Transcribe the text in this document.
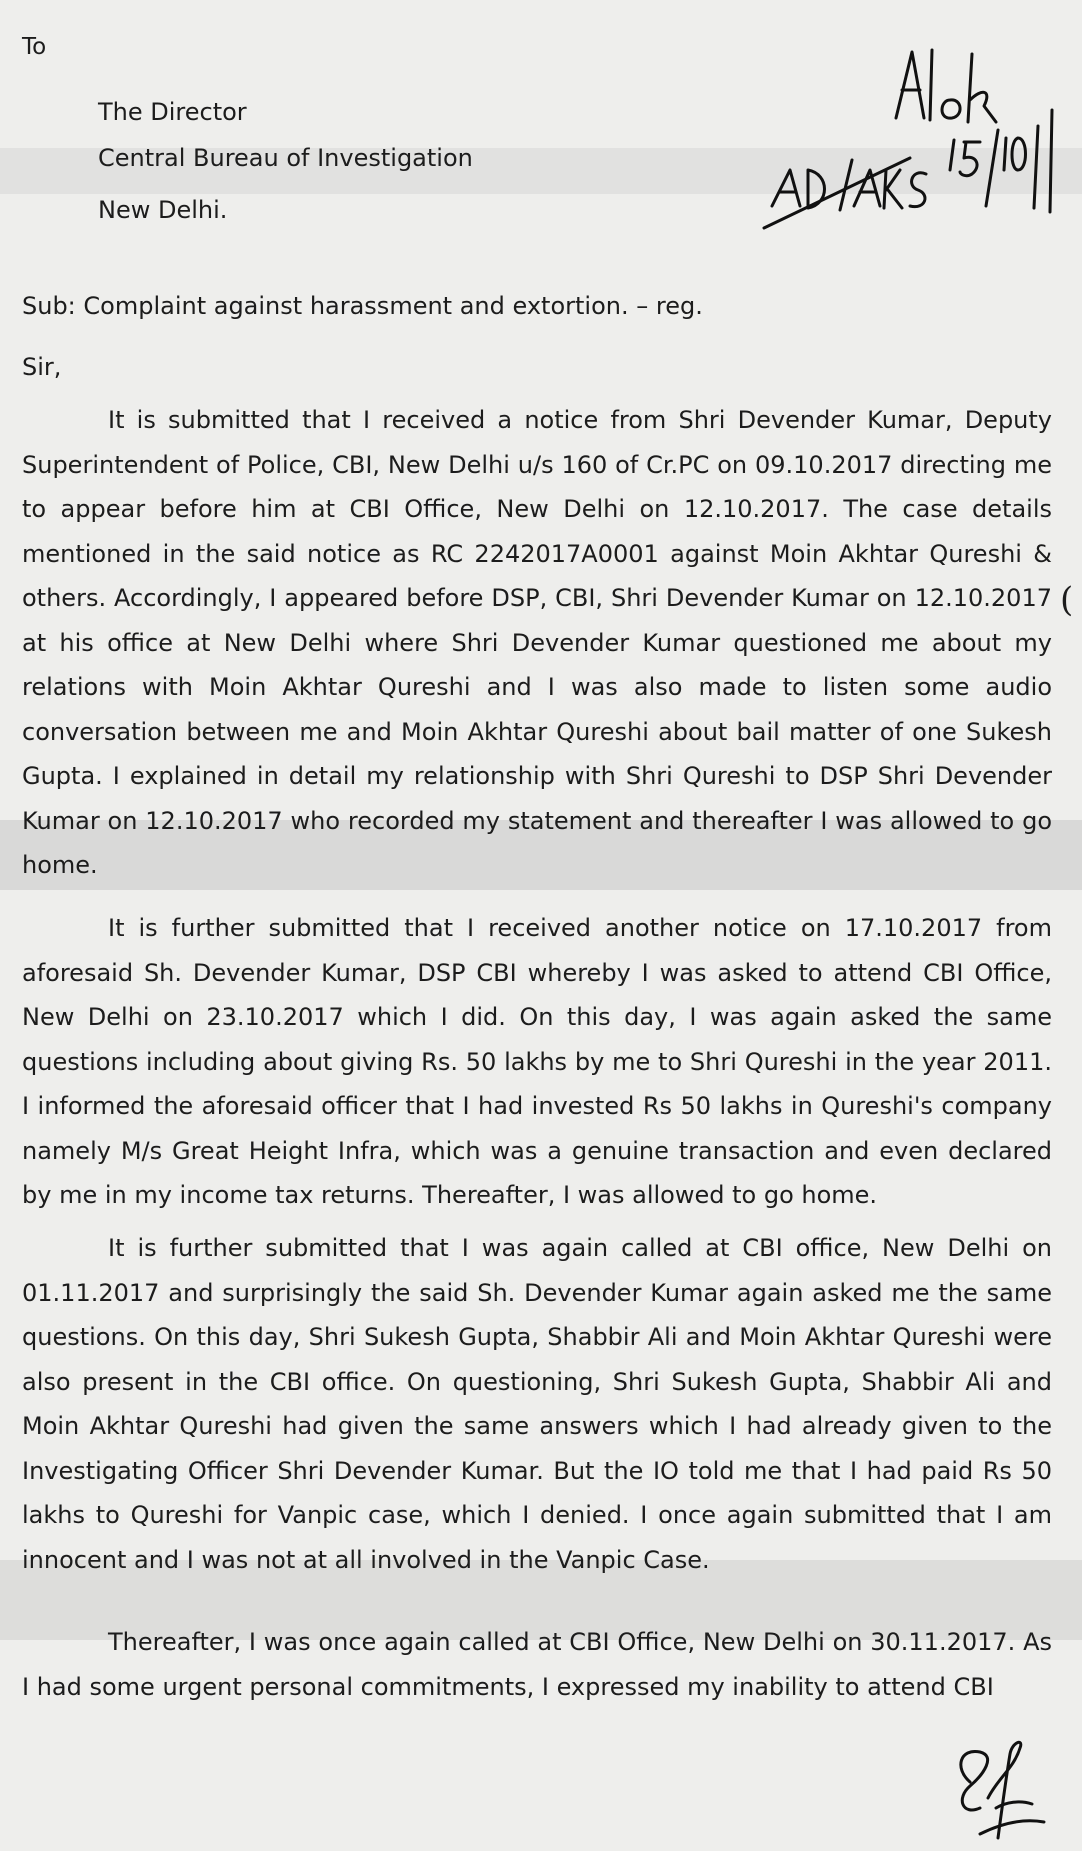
To
The Director
Central Bureau of Investigation
New Delhi.
Sub: Complaint against harassment and extortion. – reg.
Sir,

It is submitted that I received a notice from Shri Devender Kumar, Deputy Superintendent of Police, CBI, New Delhi u/s 160 of Cr.PC on 09.10.2017 directing me to appear before him at CBI Office, New Delhi on 12.10.2017. The case details mentioned in the said notice as RC 2242017A0001 against Moin Akhtar Qureshi & others. Accordingly, I appeared before DSP, CBI, Shri Devender Kumar on 12.10.2017 at his office at New Delhi where Shri Devender Kumar questioned me about my relations with Moin Akhtar Qureshi and I was also made to listen some audio conversation between me and Moin Akhtar Qureshi about bail matter of one Sukesh Gupta. I explained in detail my relationship with Shri Qureshi to DSP Shri Devender Kumar on 12.10.2017 who recorded my statement and thereafter I was allowed to go home.

It is further submitted that I received another notice on 17.10.2017 from aforesaid Sh. Devender Kumar, DSP CBI whereby I was asked to attend CBI Office, New Delhi on 23.10.2017 which I did. On this day, I was again asked the same questions including about giving Rs. 50 lakhs by me to Shri Qureshi in the year 2011. I informed the aforesaid officer that I had invested Rs 50 lakhs in Qureshi's company namely M/s Great Height Infra, which was a genuine transaction and even declared by me in my income tax returns. Thereafter, I was allowed to go home.

It is further submitted that I was again called at CBI office, New Delhi on 01.11.2017 and surprisingly the said Sh. Devender Kumar again asked me the same questions. On this day, Shri Sukesh Gupta, Shabbir Ali and Moin Akhtar Qureshi were also present in the CBI office. On questioning, Shri Sukesh Gupta, Shabbir Ali and Moin Akhtar Qureshi had given the same answers which I had already given to the Investigating Officer Shri Devender Kumar. But the IO told me that I had paid Rs 50 lakhs to Qureshi for Vanpic case, which I denied. I once again submitted that I am innocent and I was not at all involved in the Vanpic Case.

Thereafter, I was once again called at CBI Office, New Delhi on 30.11.2017. As I had some urgent personal commitments, I expressed my inability to attend CBI

(
